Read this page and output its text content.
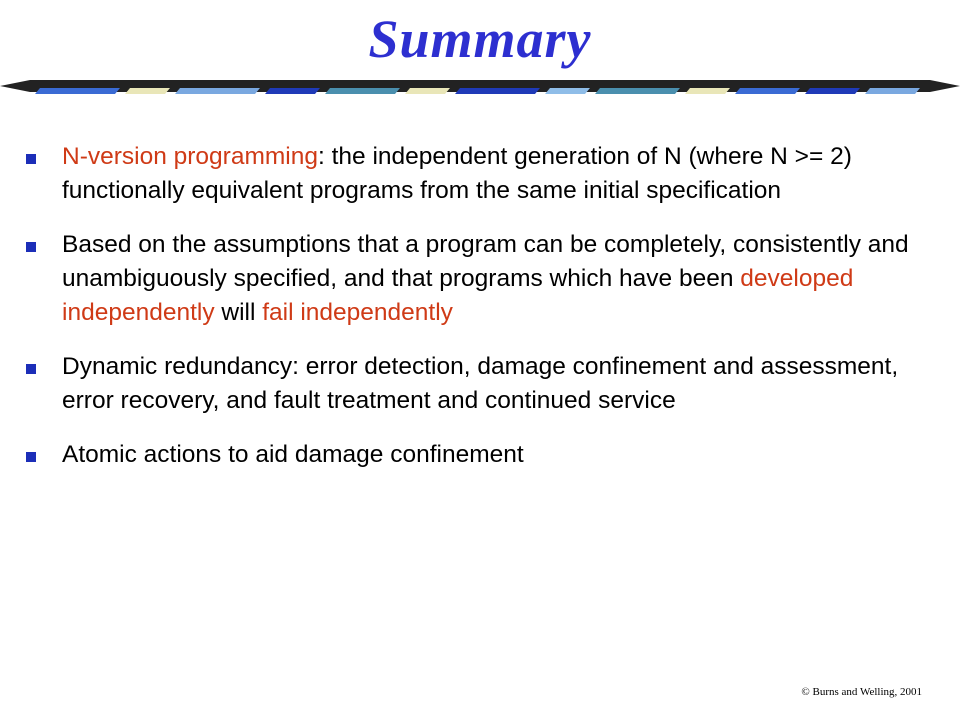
Summary
N-version programming: the independent generation of N (where N >= 2) functionally equivalent programs from the same initial specification
Based on the assumptions that a program can be completely, consistently and unambiguously specified, and that programs which have been developed    independently will fail independently
Dynamic redundancy: error detection, damage confinement and assessment, error recovery, and fault treatment and continued service
Atomic actions to aid damage confinement
© Burns and Welling, 2001
